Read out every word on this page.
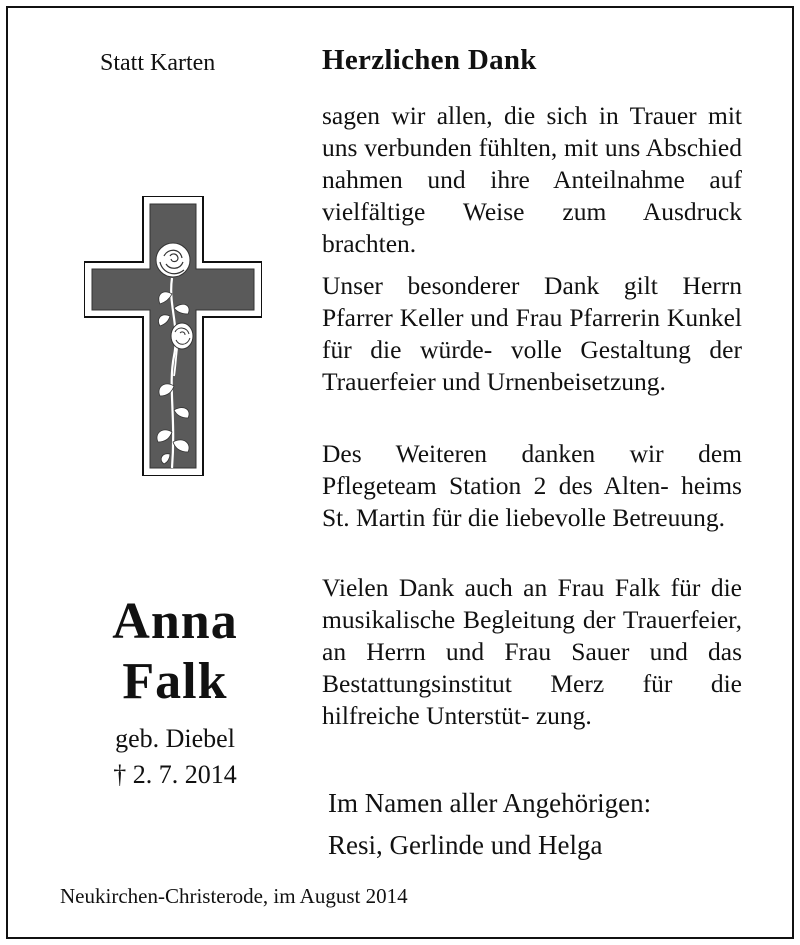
Statt Karten	Herzlichen Dank
sagen wir allen, die sich in Trauer mit uns verbunden fühlten, mit uns Abschied nahmen und ihre Anteilnahme auf vielfältige Weise zum Ausdruck brachten.
Unser besonderer Dank gilt Herrn Pfarrer Keller und Frau Pfarrerin Kunkel für die würde- volle Gestaltung der Trauerfeier und Urnenbeisetzung.
Des Weiteren danken wir dem Pflegeteam Station 2 des Alten- heims St. Martin für die liebevolle Betreuung.
Vielen Dank auch an Frau Falk für die musikalische Begleitung der Trauerfeier, an Herrn und Frau Sauer und das Bestattungsinstitut Merz für die hilfreiche Unterstüt- zung.
Im Namen aller Angehörigen:
Resi, Gerlinde und Helga
Anna
Falk
geb. Diebel
† 2. 7. 2014
Neukirchen-Christerode, im August 2014
